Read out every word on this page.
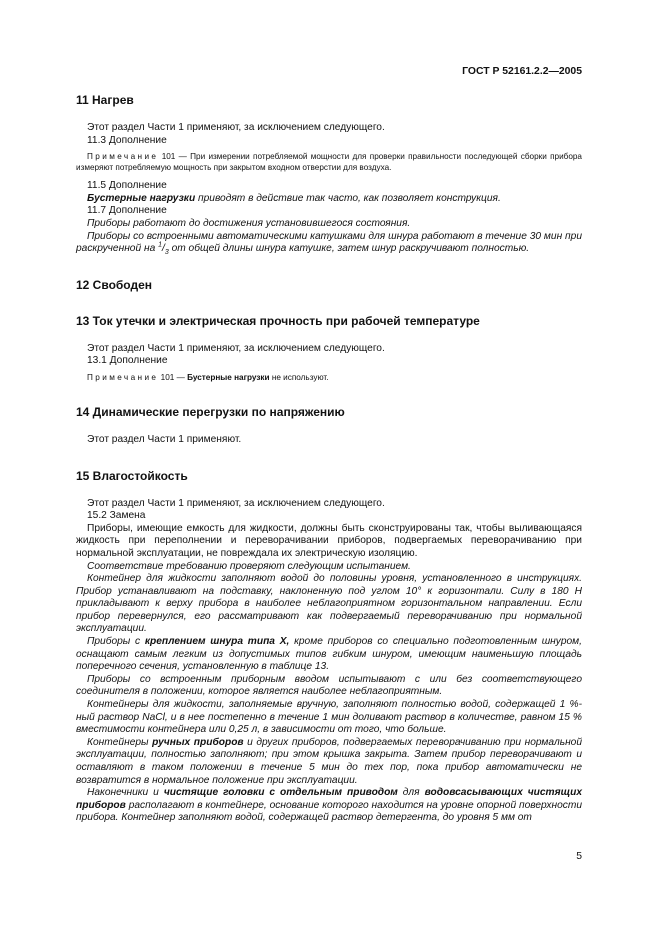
ГОСТ Р 52161.2.2—2005
11 Нагрев
Этот раздел Части 1 применяют, за исключением следующего.
11.3 Дополнение
Примечание 101 — При измерении потребляемой мощности для проверки правильности последующей сборки прибора измеряют потребляемую мощность при закрытом входном отверстии для воздуха.
11.5 Дополнение

Бустерные нагрузки приводят в действие так часто, как позволяет конструкция.

11.7 Дополнение

Приборы работают до достижения установившегося состояния.

Приборы со встроенными автоматическими катушками для шнура работают в течение 30 мин при раскрученной на $^1/_3$ от общей длины шнура катушке, затем шнур раскручивают полностью.

12 Свободен
13 Ток утечки и электрическая прочность при рабочей температуре
Этот раздел Части 1 применяют, за исключением следующего.
13.1 Дополнение
Примечание 101 — Бустерные нагрузки не используют.
14 Динамические перегрузки по напряжению
Этот раздел Части 1 применяют.
15 Влагостойкость
Этот раздел Части 1 применяют, за исключением следующего.
15.2 Замена

Приборы, имеющие емкость для жидкости, должны быть сконструированы так, чтобы выливающаяся жидкость при переполнении и переворачивании приборов, подвергаемых переворачиванию при нормальной эксплуатации, не повреждала их электрическую изоляцию.

Соответствие требованию проверяют следующим испытанием.

Контейнер для жидкости заполняют водой до половины уровня, установленного в инструкциях. Прибор устанавливают на подставку, наклоненную под углом 10° к горизонтали. Силу в 180 Н прикладывают к верху прибора в наиболее неблагоприятном горизонтальном направлении. Если прибор перевернулся, его рассматривают как подвергаемый переворачиванию при нормальной эксплуатации.

Приборы с креплением шнура типа X, кроме приборов со специально подготовленным шнуром, оснащают самым легким из допустимых типов гибким шнуром, имеющим наименьшую площадь поперечного сечения, установленную в таблице 13.

Приборы со встроенным приборным вводом испытывают с или без соответствующего соединителя в положении, которое является наиболее неблагоприятным.

Контейнеры для жидкости, заполняемые вручную, заполняют полностью водой, содержащей 1 %-ный раствор NaCl, и в нее постепенно в течение 1 мин доливают раствор в количестве, равном 15 % вместимости контейнера или 0,25 л, в зависимости от того, что больше.

Контейнеры ручных приборов и других приборов, подвергаемых переворачиванию при нормальной эксплуатации, полностью заполняют; при этом крышка закрыта. Затем прибор переворачивают и оставляют в таком положении в течение 5 мин до тех пор, пока прибор автоматически не возвратится в нормальное положение при эксплуатации.

Наконечники и чистящие головки с отдельным приводом для водовсасывающих чистящих приборов располагают в контейнере, основание которого находится на уровне опорной поверхности прибора. Контейнер заполняют водой, содержащей раствор детергента, до уровня 5 мм от

5
